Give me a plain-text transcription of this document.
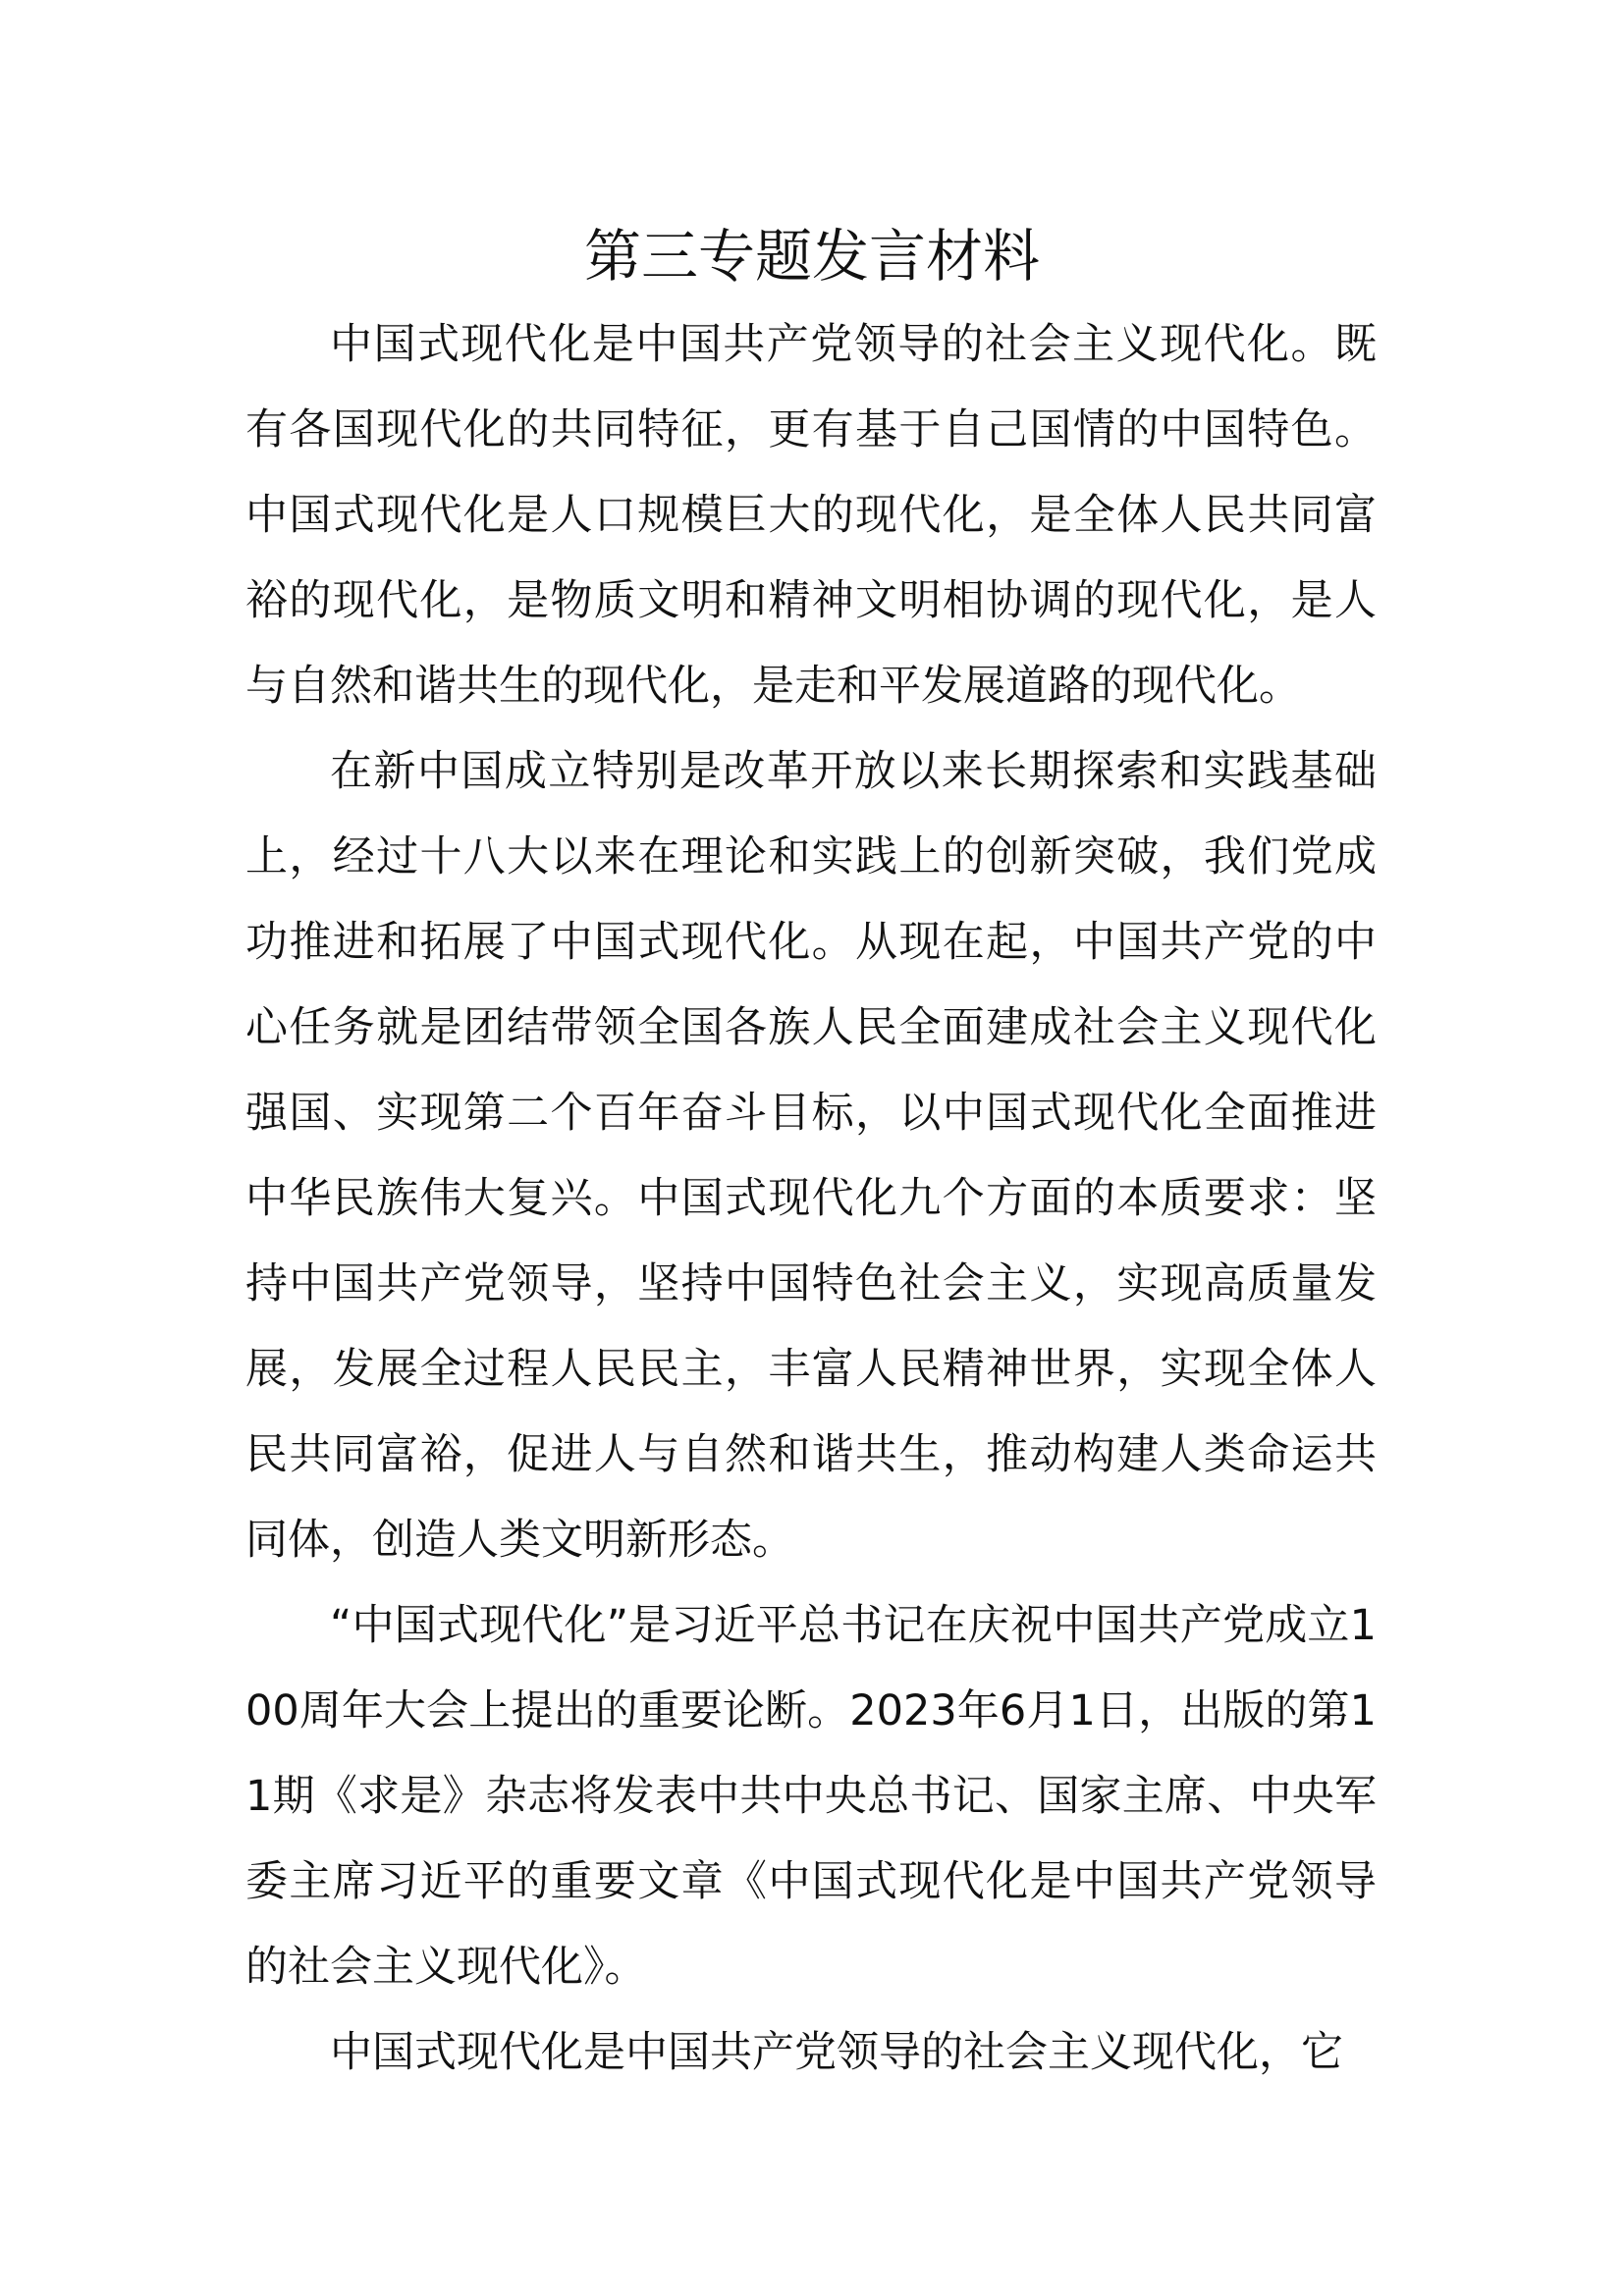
第三专题发言材料

中国式现代化是中国共产党领导的社会主义现代化。既有各国现代化的共同特征，更有基于自己国情的中国特色。中国式现代化是人口规模巨大的现代化，是全体人民共同富裕的现代化，是物质文明和精神文明相协调的现代化，是人与自然和谐共生的现代化，是走和平发展道路的现代化。

在新中国成立特别是改革开放以来长期探索和实践基础上，经过十八大以来在理论和实践上的创新突破，我们党成功推进和拓展了中国式现代化。从现在起，中国共产党的中心任务就是团结带领全国各族人民全面建成社会主义现代化强国、实现第二个百年奋斗目标，以中国式现代化全面推进中华民族伟大复兴。中国式现代化九个方面的本质要求：坚持中国共产党领导，坚持中国特色社会主义，实现高质量发展，发展全过程人民民主，丰富人民精神世界，实现全体人民共同富裕，促进人与自然和谐共生，推动构建人类命运共同体，创造人类文明新形态。

“中国式现代化”是习近平总书记在庆祝中国共产党成立100周年大会上提出的重要论断。2023年6月1日，出版的第11期《求是》杂志将发表中共中央总书记、国家主席、中央军委主席习近平的重要文章《中国式现代化是中国共产党领导的社会主义现代化》。

中国式现代化是中国共产党领导的社会主义现代化，它
